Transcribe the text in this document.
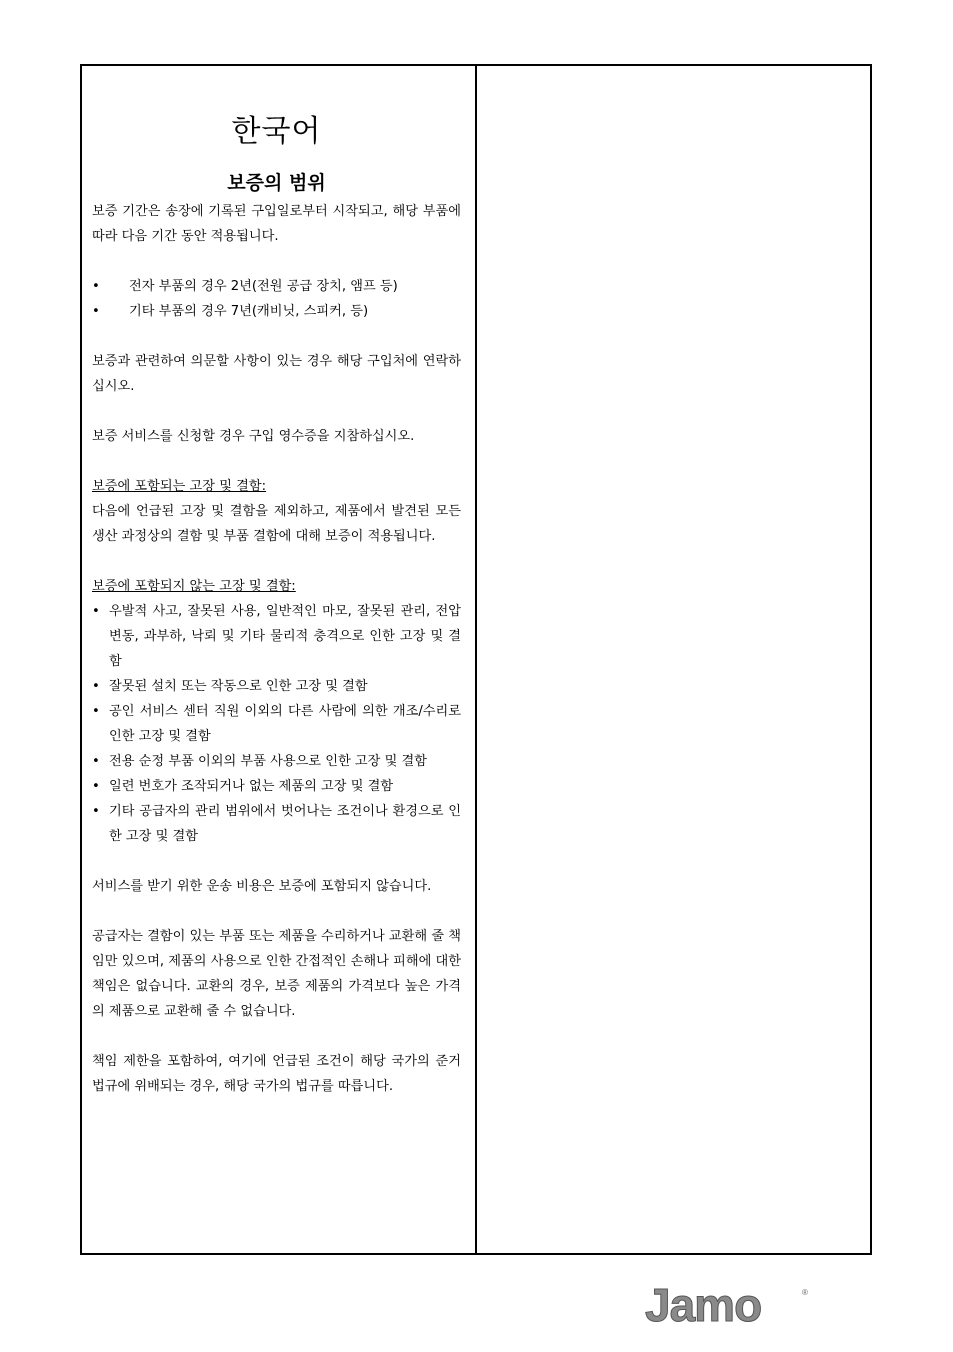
한국어
보증의 범위

보증 기간은 송장에 기록된 구입일로부터 시작되고, 해당 부품에 따라 다음 기간 동안 적용됩니다.

• 전자 부품의 경우 2년(전원 공급 장치, 앰프 등)
• 기타 부품의 경우 7년(캐비닛, 스피커, 등)

보증과 관련하여 의문할 사항이 있는 경우 해당 구입처에 연락하십시오.

보증 서비스를 신청할 경우 구입 영수증을 지참하십시오.

보증에 포함되는 고장 및 결함:

다음에 언급된 고장 및 결함을 제외하고, 제품에서 발견된 모든 생산 과정상의 결함 및 부품 결함에 대해 보증이 적용됩니다.

보증에 포함되지 않는 고장 및 결함:

• 우발적 사고, 잘못된 사용, 일반적인 마모, 잘못된 관리, 전압 변동, 과부하, 낙뢰 및 기타 물리적 충격으로 인한 고장 및 결함
• 잘못된 설치 또는 작동으로 인한 고장 및 결함
• 공인 서비스 센터 직원 이외의 다른 사람에 의한 개조/수리로 인한 고장 및 결함
• 전용 순정 부품 이외의 부품 사용으로 인한 고장 및 결함
• 일련 번호가 조작되거나 없는 제품의 고장 및 결함
• 기타 공급자의 관리 범위에서 벗어나는 조건이나 환경으로 인한 고장 및 결함

서비스를 받기 위한 운송 비용은 보증에 포함되지 않습니다.

공급자는 결함이 있는 부품 또는 제품을 수리하거나 교환해 줄 책임만 있으며, 제품의 사용으로 인한 간접적인 손해나 피해에 대한 책임은 없습니다. 교환의 경우, 보증 제품의 가격보다 높은 가격의 제품으로 교환해 줄 수 없습니다.

책임 제한을 포함하여, 여기에 언급된 조건이 해당 국가의 준거 법규에 위배되는 경우, 해당 국가의 법규를 따릅니다.

Jamo	®
